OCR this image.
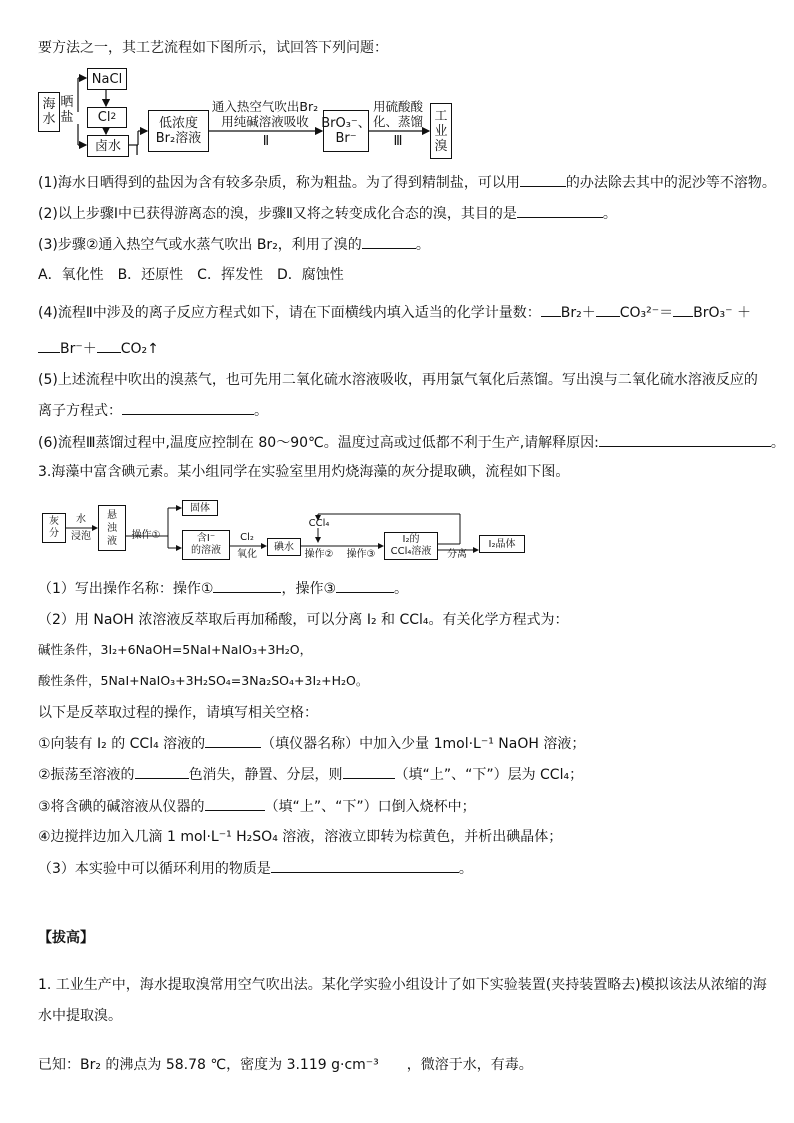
要方法之一，其工艺流程如下图所示，试回答下列问题：
海
水
晒
盐
NaCl
Cl 2
卤水	Ⅰ
低浓度
Br₂溶液
通入热空气吹出Br₂
用纯碱溶液吸收
Ⅱ
BrO₃⁻、
Br⁻
用硫酸酸
化、蒸馏
Ⅲ
工
业
溴
(1)海水日晒得到的盐因为含有较多杂质，称为粗盐。为了得到精制盐，可以用	的办法除去其中的泥沙等不溶物。
(2)以上步骤Ⅰ中已获得游离态的溴，步骤Ⅱ又将之转变成化合态的溴，其目的是	。
(3)步骤②通入热空气或水蒸气吹出 Br₂，利用了溴的	。
A．氧化性　B．还原性　C．挥发性　D．腐蚀性
(4)流程Ⅱ中涉及的离子反应方程式如下，请在下面横线内填入适当的化学计量数： Br₂＋ CO₃²⁻＝ BrO₃⁻ ＋
Br⁻＋ CO₂↑
(5)上述流程中吹出的溴蒸气，也可先用二氧化硫水溶液吸收，再用氯气氧化后蒸馏。写出溴与二氧化硫水溶液反应的
离子方程式：	。
(6)流程Ⅲ蒸馏过程中,温度应控制在 80～90℃。温度过高或过低都不利于生产,请解释原因:	。
3.海藻中富含碘元素。某小组同学在实验室里用灼烧海藻的灰分提取碘，流程如下图。
灰
分
水
浸泡
悬
浊
液	操作①
固体
含I⁻
的溶液
Cl₂
氧化
碘水
CCl₄
操作②	操作③
I₂的
CCl₄溶液	分离
I₂晶体
（1）写出操作名称：操作①	，操作③	。
（2）用 NaOH 浓溶液反萃取后再加稀酸，可以分离 I₂ 和 CCl₄。有关化学方程式为：
碱性条件，3I₂+6NaOH=5NaI+NaIO₃+3H₂O，
酸性条件，5NaI+NaIO₃+3H₂SO₄=3Na₂SO₄+3I₂+H₂O。
以下是反萃取过程的操作，请填写相关空格：
①向装有 I₂ 的 CCl₄ 溶液的	（填仪器名称）中加入少量 1mol·L⁻¹ NaOH 溶液；
②振荡至溶液的	色消失，静置、分层，则	（填“上”、“下”）层为 CCl₄；
③将含碘的碱溶液从仪器的	（填“上”、“下”）口倒入烧杯中；
④边搅拌边加入几滴 1 mol·L⁻¹ H₂SO₄ 溶液，溶液立即转为棕黄色，并析出碘晶体；
（3）本实验中可以循环利用的物质是	。
【拔高】
1. 工业生产中，海水提取溴常用空气吹出法。某化学实验小组设计了如下实验装置(夹持装置略去)模拟该法从浓缩的海
水中提取溴。
已知：Br₂ 的沸点为 58.78 ℃，密度为 3.119 g·cm⁻³　　，微溶于水，有毒。
